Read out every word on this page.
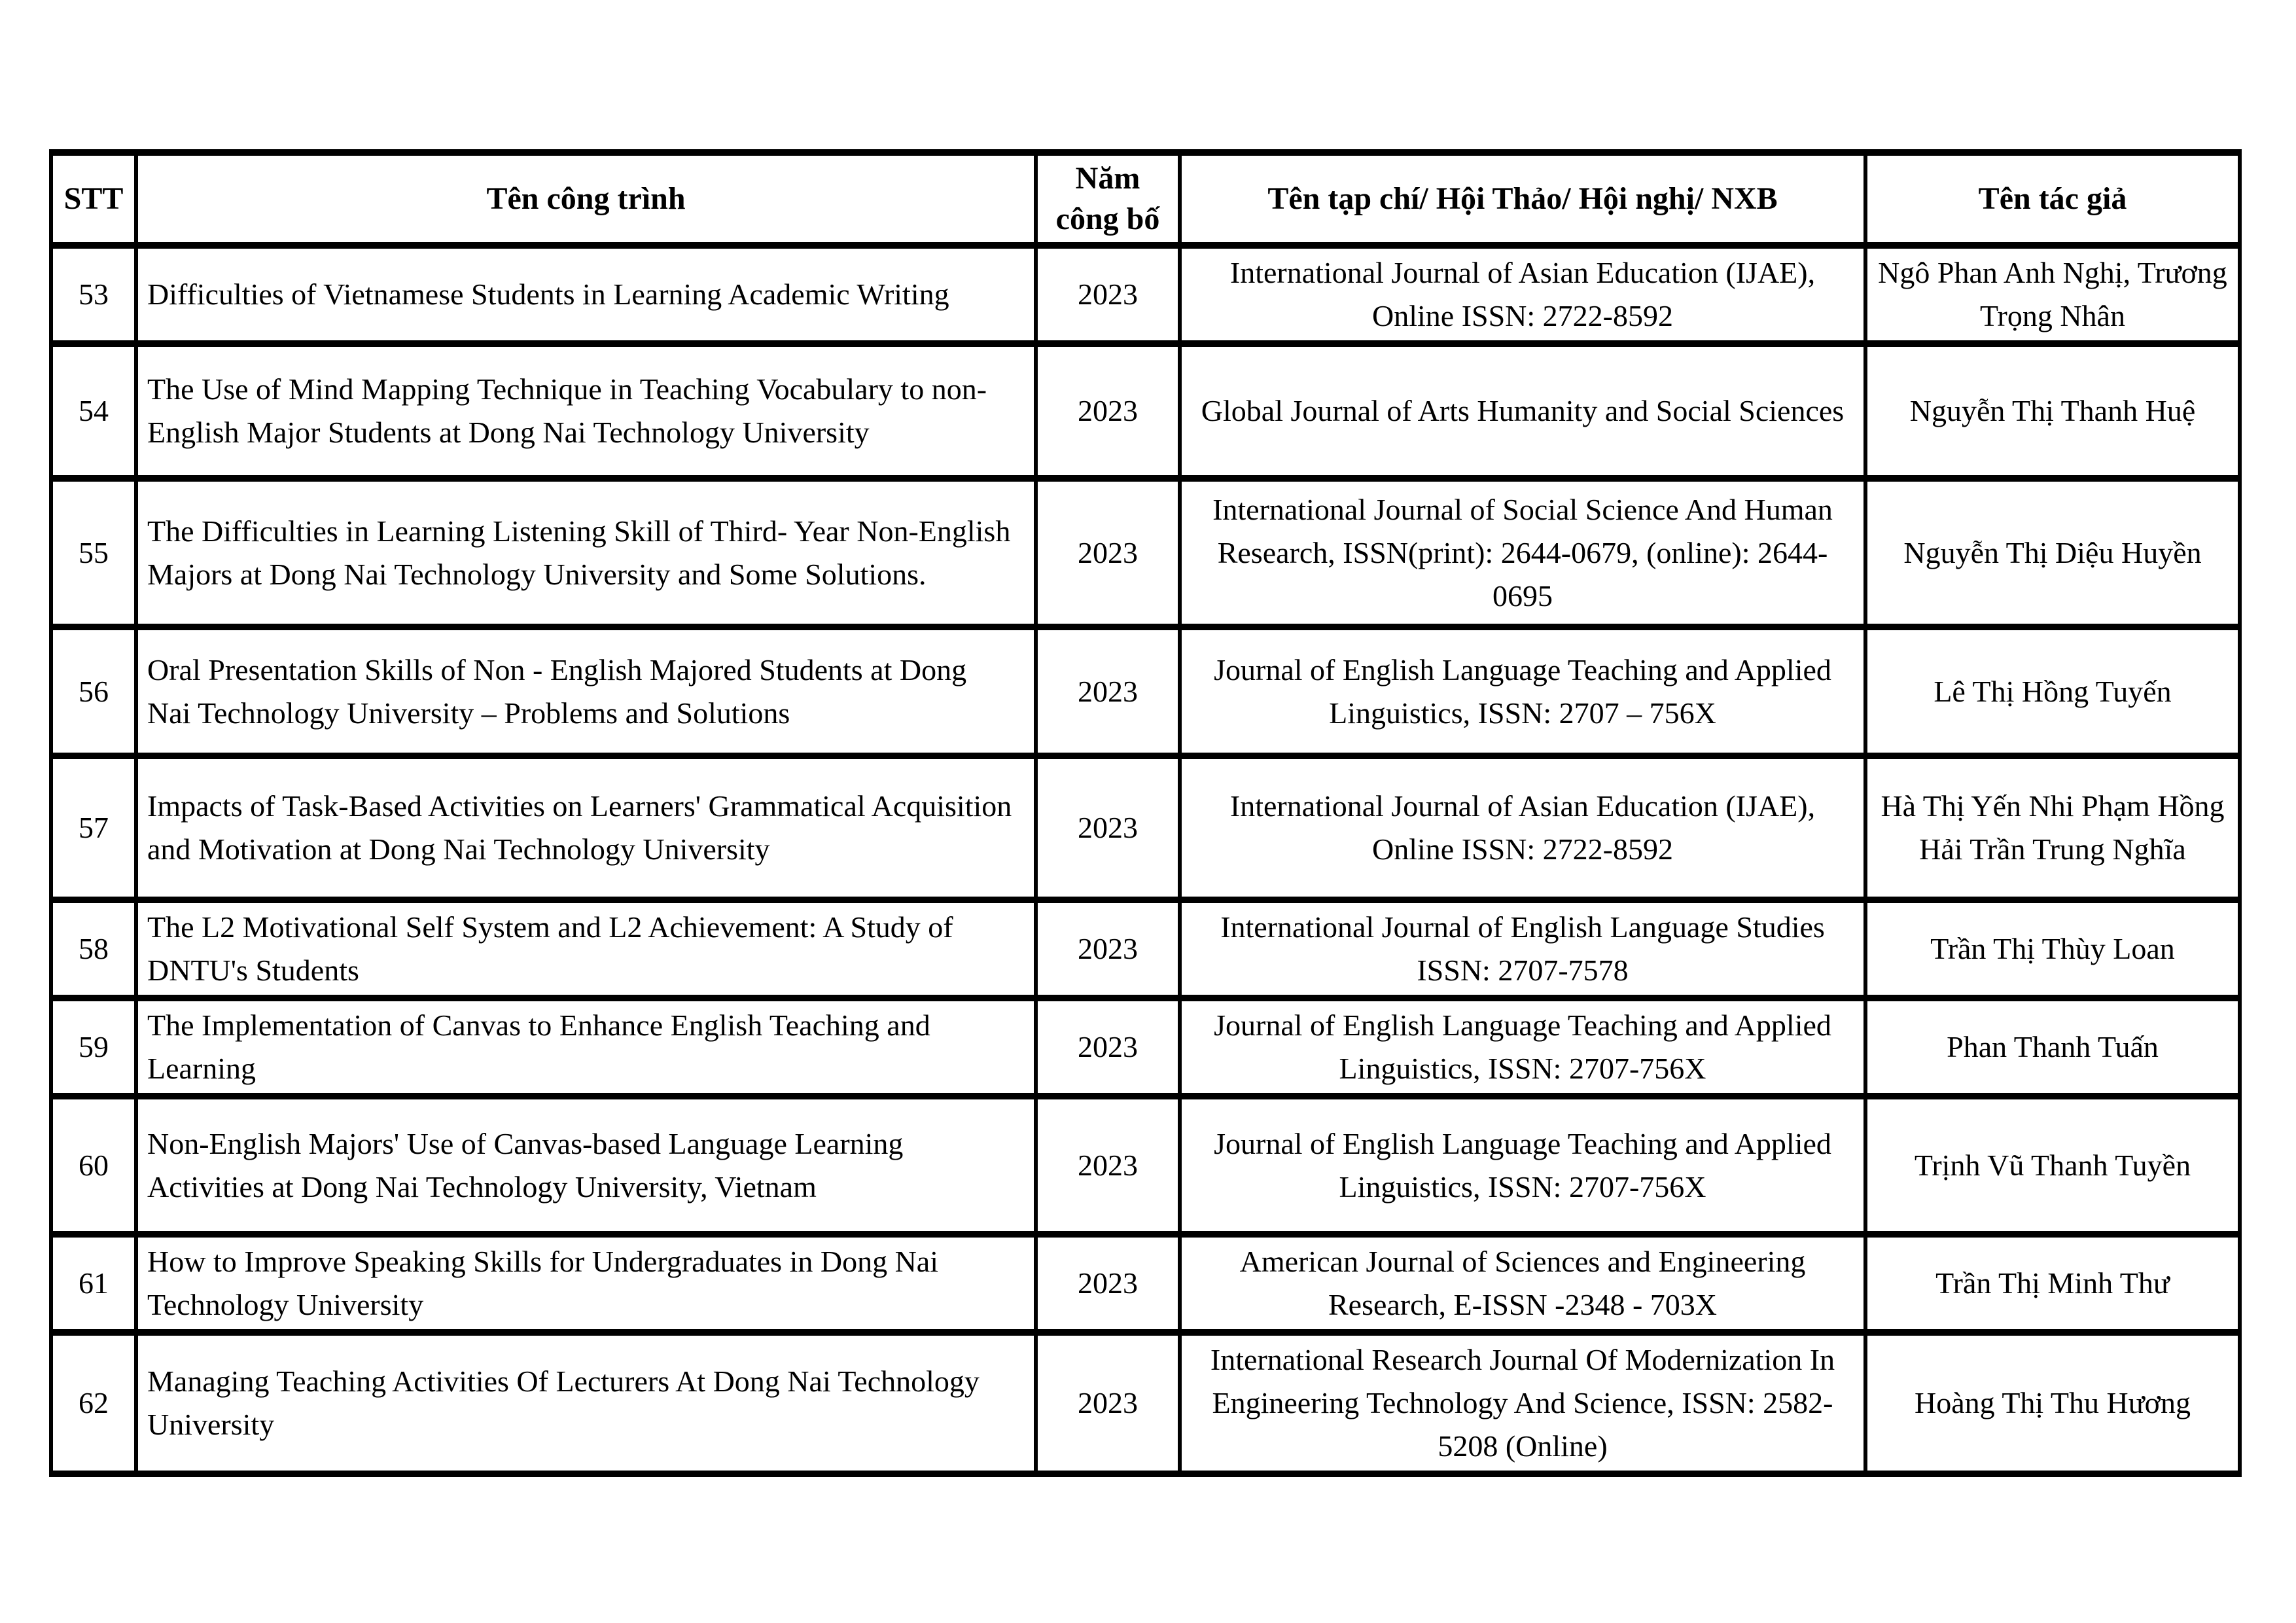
STT	Tên công trình	Năm công bố	Tên tạp chí/ Hội Thảo/ Hội nghị/ NXB	Tên tác giả
53	Difficulties of Vietnamese Students in Learning Academic Writing	2023	International Journal of Asian Education (IJAE), Online ISSN: 2722-8592	Ngô Phan Anh Nghị, Trương Trọng Nhân
54	The Use of Mind Mapping Technique in Teaching Vocabulary to non-English Major Students at Dong Nai Technology University	2023	Global Journal of Arts Humanity and Social Sciences	Nguyễn Thị Thanh Huệ
55	The Difficulties in Learning Listening Skill of Third- Year Non-English Majors at Dong Nai Technology University and Some Solutions.	2023	International Journal of Social Science And Human Research, ISSN(print): 2644-0679, (online): 2644-0695	Nguyễn Thị Diệu Huyền
56	Oral Presentation Skills of Non - English Majored Students at Dong Nai Technology University – Problems and Solutions	2023	Journal of English Language Teaching and Applied Linguistics, ISSN: 2707 – 756X	Lê Thị Hồng Tuyến
57	Impacts of Task-Based Activities on Learners' Grammatical Acquisition and Motivation at Dong Nai Technology University	2023	International Journal of Asian Education (IJAE), Online ISSN: 2722-8592	Hà Thị Yến Nhi Phạm Hồng Hải Trần Trung Nghĩa
58	The L2 Motivational Self System and L2 Achievement: A Study of DNTU's Students	2023	International Journal of English Language Studies ISSN: 2707-7578	Trần Thị Thùy Loan
59	The Implementation of Canvas to Enhance English Teaching and Learning	2023	Journal of English Language Teaching and Applied Linguistics, ISSN: 2707-756X	Phan Thanh Tuấn
60	Non-English Majors' Use of Canvas-based Language Learning Activities at Dong Nai Technology University, Vietnam	2023	Journal of English Language Teaching and Applied Linguistics, ISSN: 2707-756X	Trịnh Vũ Thanh Tuyền
61	How to Improve Speaking Skills for Undergraduates in Dong Nai Technology University	2023	American Journal of Sciences and Engineering Research, E-ISSN -2348 - 703X	Trần Thị Minh Thư
62	Managing Teaching Activities Of Lecturers At Dong Nai Technology University	2023	International Research Journal Of Modernization In Engineering Technology And Science, ISSN: 2582-5208 (Online)	Hoàng Thị Thu Hương
